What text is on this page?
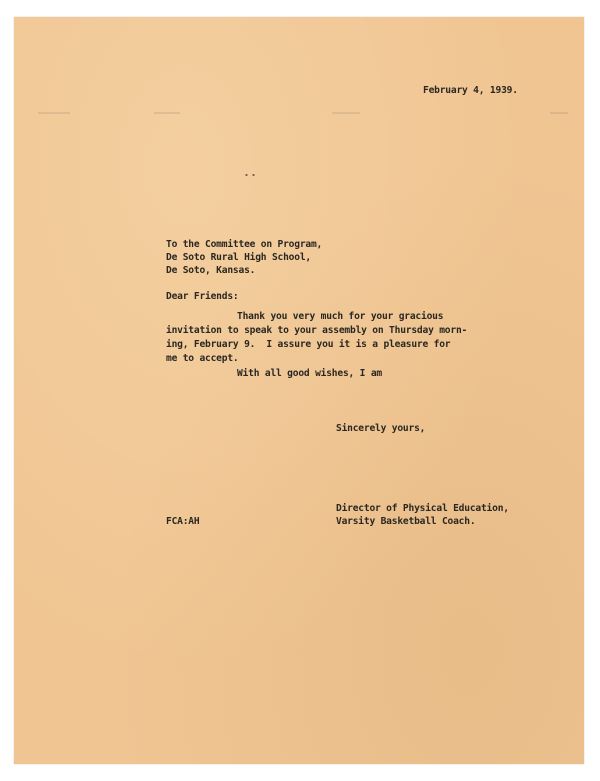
February 4, 1939.

To the Committee on Program,

De Soto Rural High School,

De Soto, Kansas.

Dear Friends:

Thank you very much for your gracious

invitation to speak to your assembly on Thursday morn-

ing, February 9.  I assure you it is a pleasure for

me to accept.

With all good wishes, I am

Sincerely yours,

Director of Physical Education,

Varsity Basketball Coach.

FCA:AH
